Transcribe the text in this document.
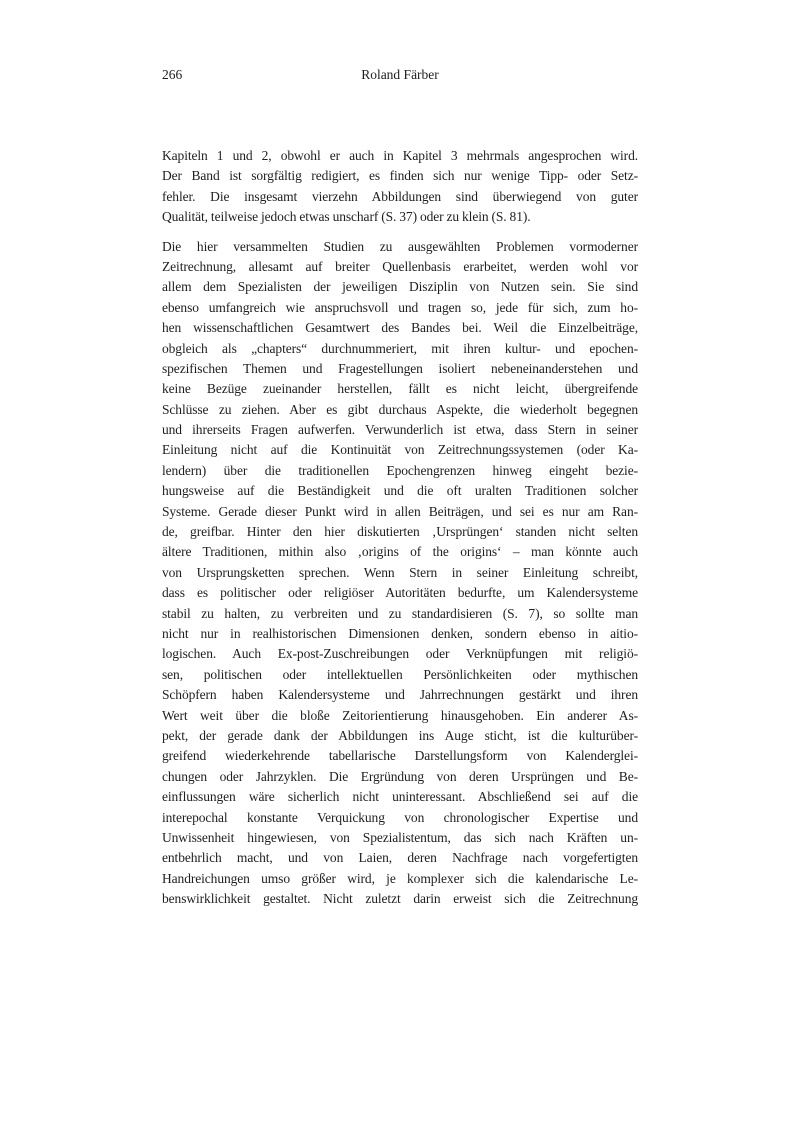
266	Roland Färber
Kapiteln 1 und 2, obwohl er auch in Kapitel 3 mehrmals angesprochen wird.
Der Band ist sorgfältig redigiert, es finden sich nur wenige Tipp- oder Setz-
fehler. Die insgesamt vierzehn Abbildungen sind überwiegend von guter
Qualität, teilweise jedoch etwas unscharf (S. 37) oder zu klein (S. 81).
Die hier versammelten Studien zu ausgewählten Problemen vormoderner
Zeitrechnung, allesamt auf breiter Quellenbasis erarbeitet, werden wohl vor
allem dem Spezialisten der jeweiligen Disziplin von Nutzen sein. Sie sind
ebenso umfangreich wie anspruchsvoll und tragen so, jede für sich, zum ho-
hen wissenschaftlichen Gesamtwert des Bandes bei. Weil die Einzelbeiträge,
obgleich als „chapters“ durchnummeriert, mit ihren kultur- und epochen-
spezifischen Themen und Fragestellungen isoliert nebeneinanderstehen und
keine Bezüge zueinander herstellen, fällt es nicht leicht, übergreifende
Schlüsse zu ziehen. Aber es gibt durchaus Aspekte, die wiederholt begegnen
und ihrerseits Fragen aufwerfen. Verwunderlich ist etwa, dass Stern in seiner
Einleitung nicht auf die Kontinuität von Zeitrechnungssystemen (oder Ka-
lendern) über die traditionellen Epochengrenzen hinweg eingeht bezie-
hungsweise auf die Beständigkeit und die oft uralten Traditionen solcher
Systeme. Gerade dieser Punkt wird in allen Beiträgen, und sei es nur am Ran-
de, greifbar. Hinter den hier diskutierten ‚Ursprüngen‘ standen nicht selten
ältere Traditionen, mithin also ‚origins of the origins‘ – man könnte auch
von Ursprungsketten sprechen. Wenn Stern in seiner Einleitung schreibt,
dass es politischer oder religiöser Autoritäten bedurfte, um Kalendersysteme
stabil zu halten, zu verbreiten und zu standardisieren (S. 7), so sollte man
nicht nur in realhistorischen Dimensionen denken, sondern ebenso in aitio-
logischen. Auch Ex-post-Zuschreibungen oder Verknüpfungen mit religiö-
sen, politischen oder intellektuellen Persönlichkeiten oder mythischen
Schöpfern haben Kalendersysteme und Jahrrechnungen gestärkt und ihren
Wert weit über die bloße Zeitorientierung hinausgehoben. Ein anderer As-
pekt, der gerade dank der Abbildungen ins Auge sticht, ist die kulturüber-
greifend wiederkehrende tabellarische Darstellungsform von Kalenderglei-
chungen oder Jahrzyklen. Die Ergründung von deren Ursprüngen und Be-
einflussungen wäre sicherlich nicht uninteressant. Abschließend sei auf die
interepochal konstante Verquickung von chronologischer Expertise und
Unwissenheit hingewiesen, von Spezialistentum, das sich nach Kräften un-
entbehrlich macht, und von Laien, deren Nachfrage nach vorgefertigten
Handreichungen umso größer wird, je komplexer sich die kalendarische Le-
benswirklichkeit gestaltet. Nicht zuletzt darin erweist sich die Zeitrechnung
